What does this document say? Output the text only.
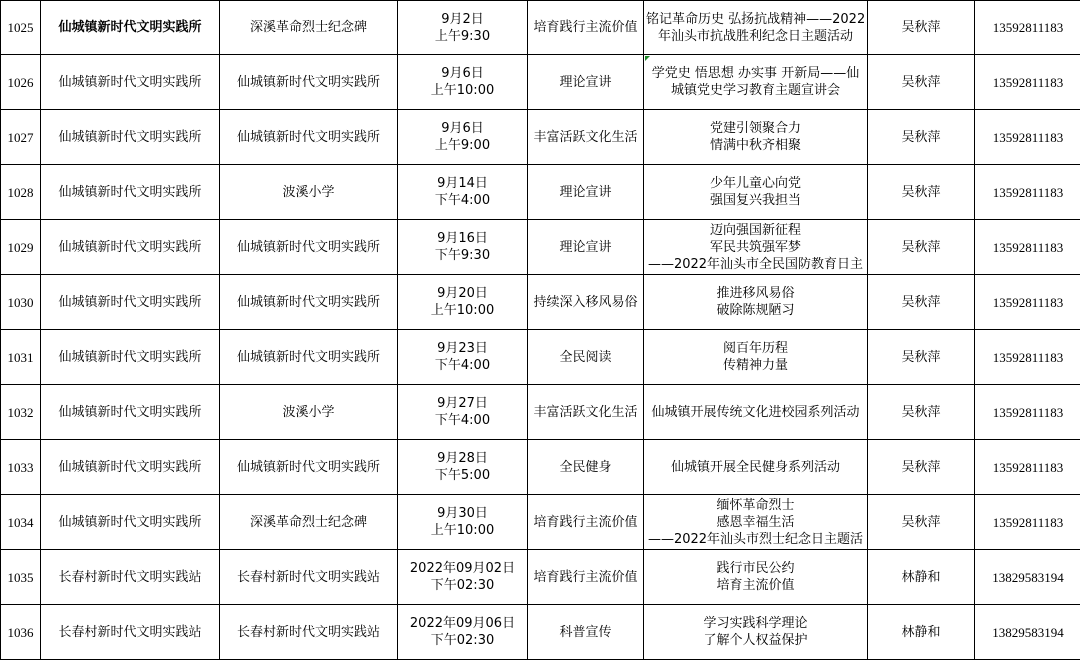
1025	仙城镇新时代文明实践所	深溪革命烈士纪念碑	9月2日
上午9:30	培育践行主流价值	铭记革命历史 弘扬抗战精神——2022
年汕头市抗战胜利纪念日主题活动	吴秋萍	13592811183
1026	仙城镇新时代文明实践所	仙城镇新时代文明实践所	9月6日
上午10:00	理论宣讲	学党史 悟思想 办实事 开新局——仙
城镇党史学习教育主题宣讲会	吴秋萍	13592811183
1027	仙城镇新时代文明实践所	仙城镇新时代文明实践所	9月6日
上午9:00	丰富活跃文化生活	党建引领聚合力
情满中秋齐相聚	吴秋萍	13592811183
1028	仙城镇新时代文明实践所	波溪小学	9月14日
下午4:00	理论宣讲	少年儿童心向党
强国复兴我担当	吴秋萍	13592811183
1029	仙城镇新时代文明实践所	仙城镇新时代文明实践所	9月16日
下午9:30	理论宣讲	迈向强国新征程
军民共筑强军梦
——2022年汕头市全民国防教育日主	吴秋萍	13592811183
1030	仙城镇新时代文明实践所	仙城镇新时代文明实践所	9月20日
上午10:00	持续深入移风易俗	推进移风易俗
破除陈规陋习	吴秋萍	13592811183
1031	仙城镇新时代文明实践所	仙城镇新时代文明实践所	9月23日
下午4:00	全民阅读	阅百年历程
传精神力量	吴秋萍	13592811183
1032	仙城镇新时代文明实践所	波溪小学	9月27日
下午4:00	丰富活跃文化生活	仙城镇开展传统文化进校园系列活动	吴秋萍	13592811183
1033	仙城镇新时代文明实践所	仙城镇新时代文明实践所	9月28日
下午5:00	全民健身	仙城镇开展全民健身系列活动	吴秋萍	13592811183
1034	仙城镇新时代文明实践所	深溪革命烈士纪念碑	9月30日
上午10:00	培育践行主流价值	缅怀革命烈士
感恩幸福生活
——2022年汕头市烈士纪念日主题活	吴秋萍	13592811183
1035	长春村新时代文明实践站	长春村新时代文明实践站	2022年09月02日
下午02:30	培育践行主流价值	践行市民公约
培育主流价值	林静和	13829583194
1036	长春村新时代文明实践站	长春村新时代文明实践站	2022年09月06日
下午02:30	科普宣传	学习实践科学理论
了解个人权益保护	林静和	13829583194
